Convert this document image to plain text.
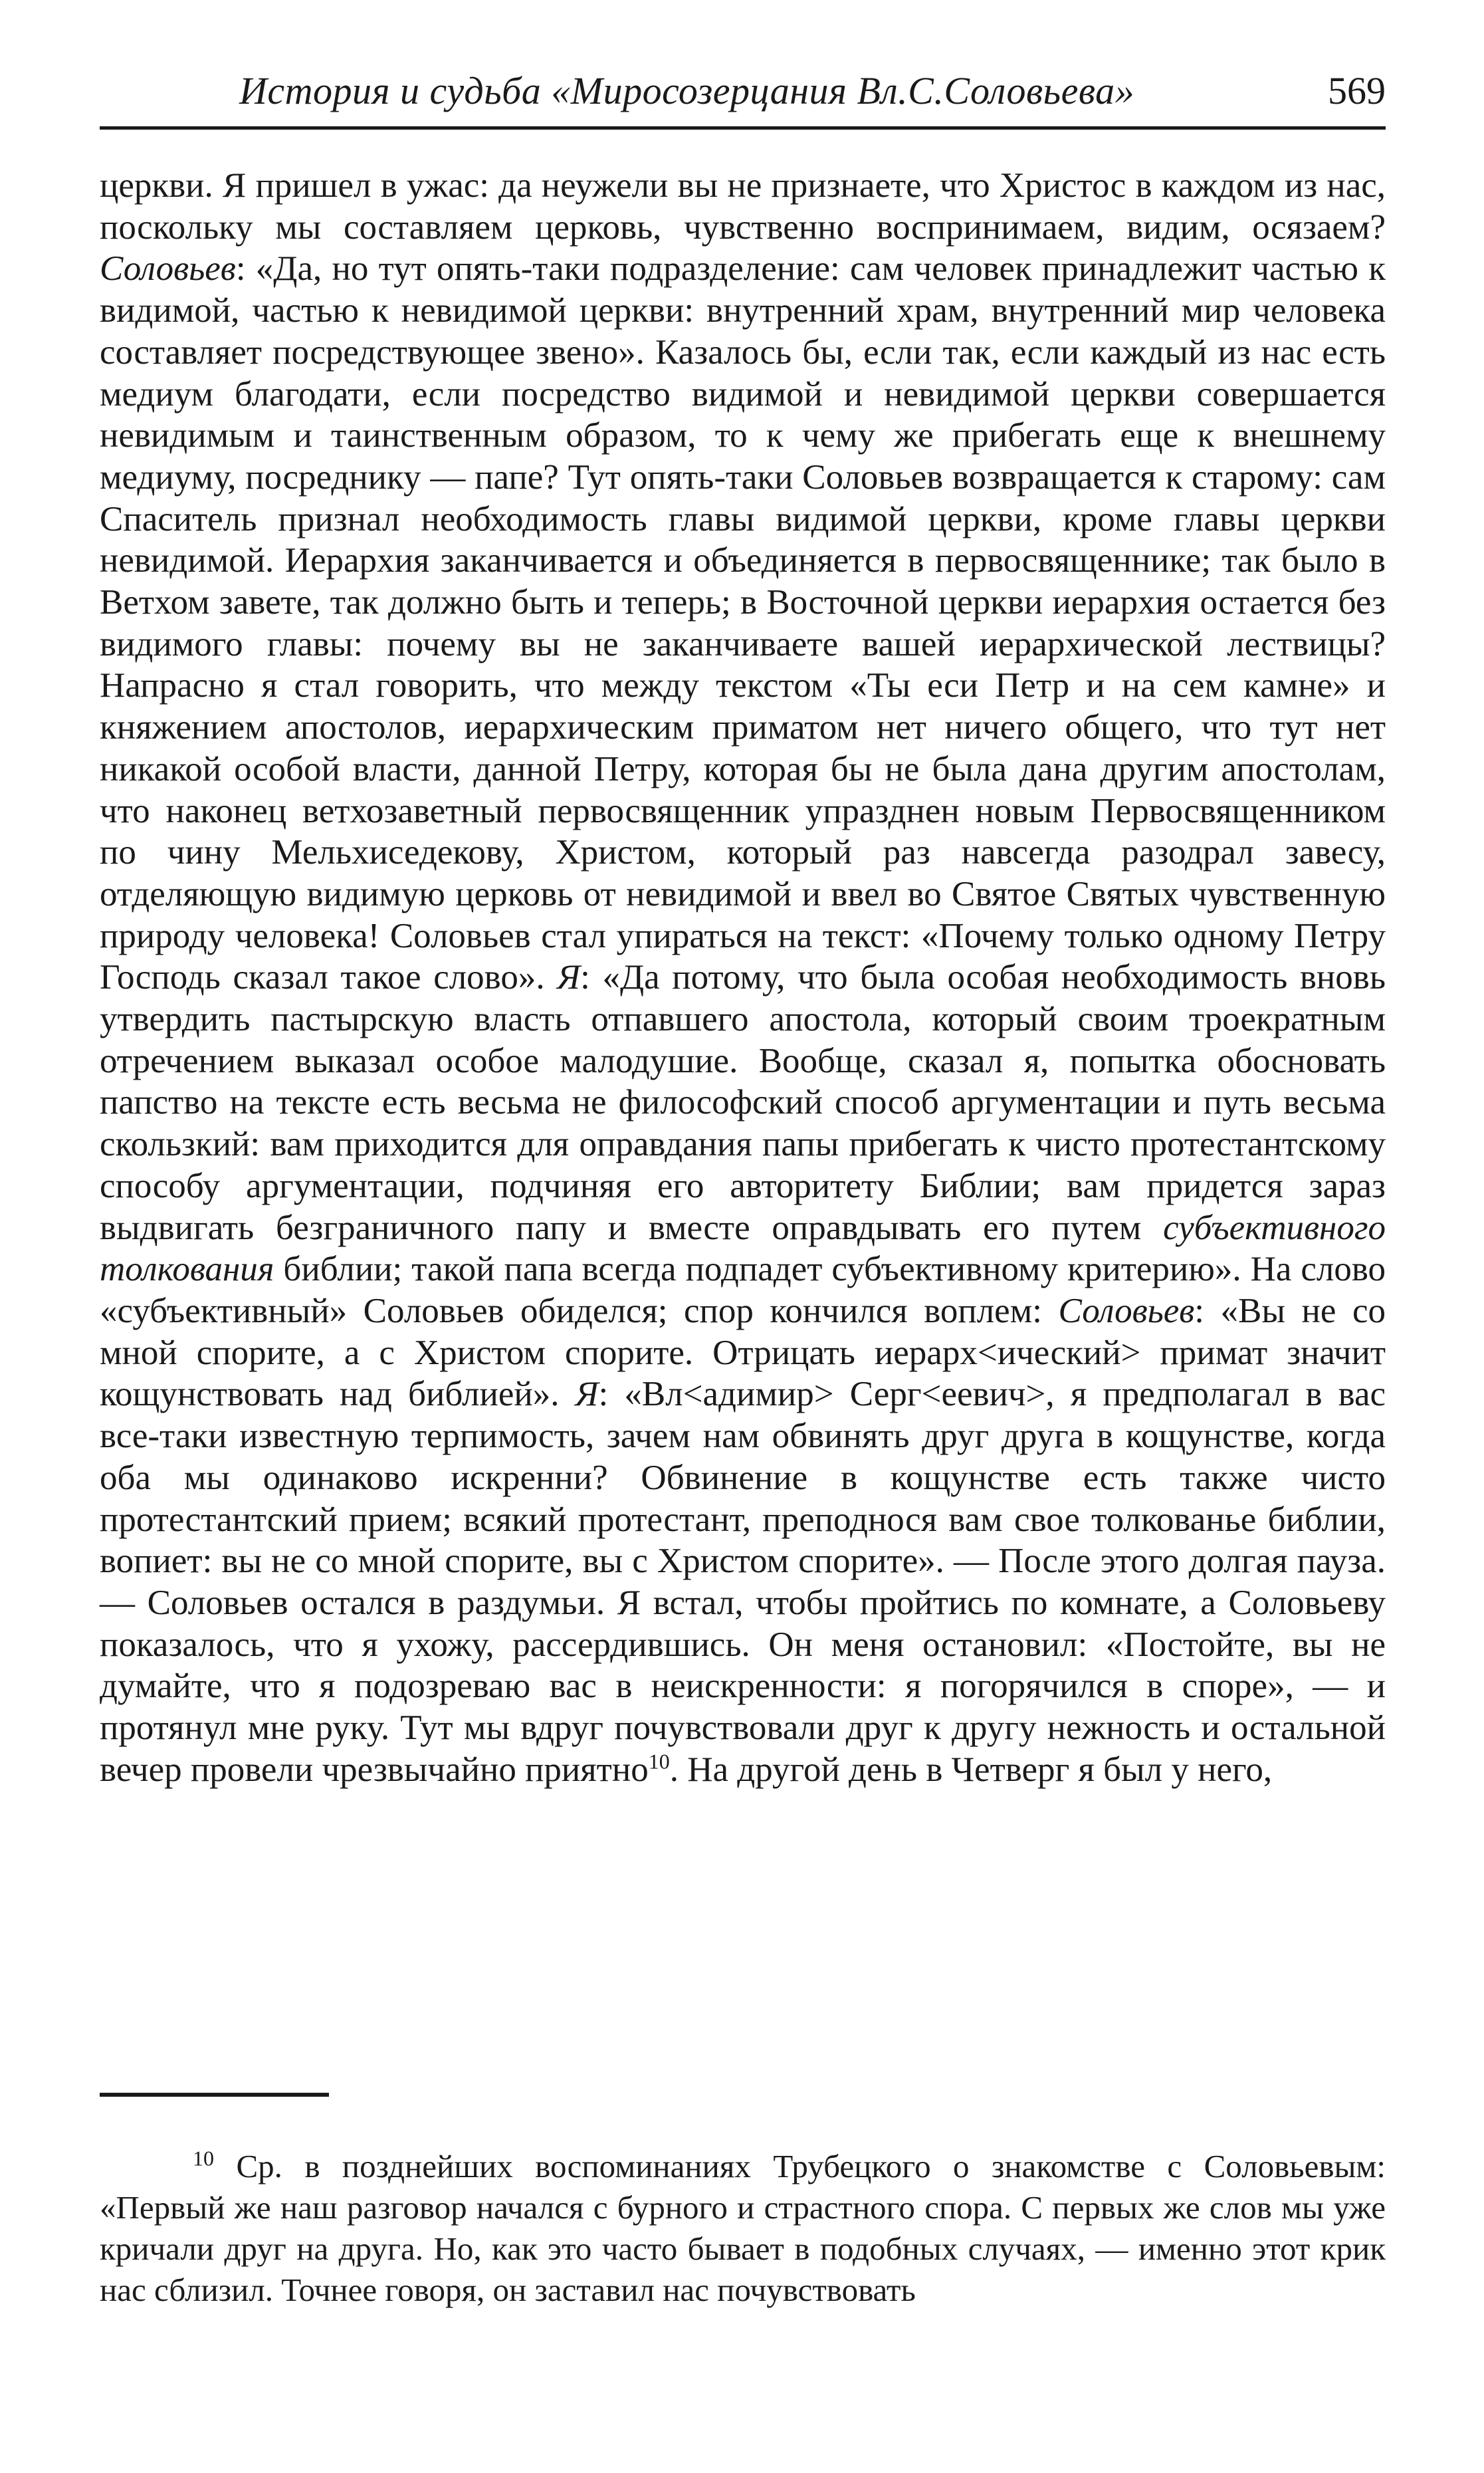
История и судьба «Миросозерцания Вл.С.Соловьева»	569

церкви. Я пришел в ужас: да неужели вы не признаете, что Христос в каждом из нас, поскольку мы составляем церковь, чувственно воспринимаем, видим, осязаем? Соловьев: «Да, но тут опять-таки подразделение: сам человек принадлежит частью к видимой, частью к невидимой церкви: внутренний храм, внутренний мир человека составляет посредствующее звено». Казалось бы, если так, если каждый из нас есть медиум благодати, если посредство видимой и невидимой церкви совершается невидимым и таинственным образом, то к чему же прибегать еще к внешнему медиуму, посреднику — папе? Тут опять-таки Соловьев возвращается к старому: сам Спаситель признал необходимость главы видимой церкви, кроме главы церкви невидимой. Иерархия заканчивается и объединяется в первосвященнике; так было в Ветхом завете, так должно быть и теперь; в Восточной церкви иерархия остается без видимого главы: почему вы не заканчиваете вашей иерархической лествицы? Напрасно я стал говорить, что между текстом «Ты еси Петр и на сем камне» и княжением апостолов, иерархическим приматом нет ничего общего, что тут нет никакой особой власти, данной Петру, которая бы не была дана другим апостолам, что наконец ветхозаветный первосвященник упразднен новым Первосвященником по чину Мельхиседекову, Христом, который раз навсегда разодрал завесу, отделяющую видимую церковь от невидимой и ввел во Святое Святых чувственную природу человека! Соловьев стал упираться на текст: «Почему только одному Петру Господь сказал такое слово». Я: «Да потому, что была особая необходимость вновь утвердить пастырскую власть отпавшего апостола, который своим троекратным отречением выказал особое малодушие. Вообще, сказал я, попытка обосновать папство на тексте есть весьма не философский способ аргументации и путь весьма скользкий: вам приходится для оправдания папы прибегать к чисто протестантскому способу аргументации, подчиняя его авторитету Библии; вам придется зараз выдвигать безграничного папу и вместе оправдывать его путем субъективного толкования библии; такой папа всегда подпадет субъективному критерию». На слово «субъективный» Соловьев обиделся; спор кончился воплем: Соловьев: «Вы не со мной спорите, а с Христом спорите. Отрицать иерарх<ический> примат значит кощунствовать над библией». Я: «Вл<адимир> Серг<еевич>, я предполагал в вас все-таки известную терпимость, зачем нам обвинять друг друга в кощунстве, когда оба мы одинаково искренни? Обвинение в кощунстве есть также чисто протестантский прием; всякий протестант, преподнося вам свое толкованье библии, вопиет: вы не со мной спорите, вы с Христом спорите». — После этого долгая пауза. — Соловьев остался в раздумьи. Я встал, чтобы пройтись по комнате, а Соловьеву показалось, что я ухожу, рассердившись. Он меня остановил: «Постойте, вы не думайте, что я подозреваю вас в неискренности: я погорячился в споре», — и протянул мне руку. Тут мы вдруг почувствовали друг к другу нежность и остальной вечер провели чрезвычайно приятно$^{10}$. На другой день в Четверг я был у него,

$^{10}$ Ср. в позднейших воспоминаниях Трубецкого о знакомстве с Соловьевым: «Первый же наш разговор начался с бурного и страстного спора. С первых же слов мы уже кричали друг на друга. Но, как это часто бывает в подобных случаях, — именно этот крик нас сблизил. Точнее говоря, он заставил нас почувствовать
